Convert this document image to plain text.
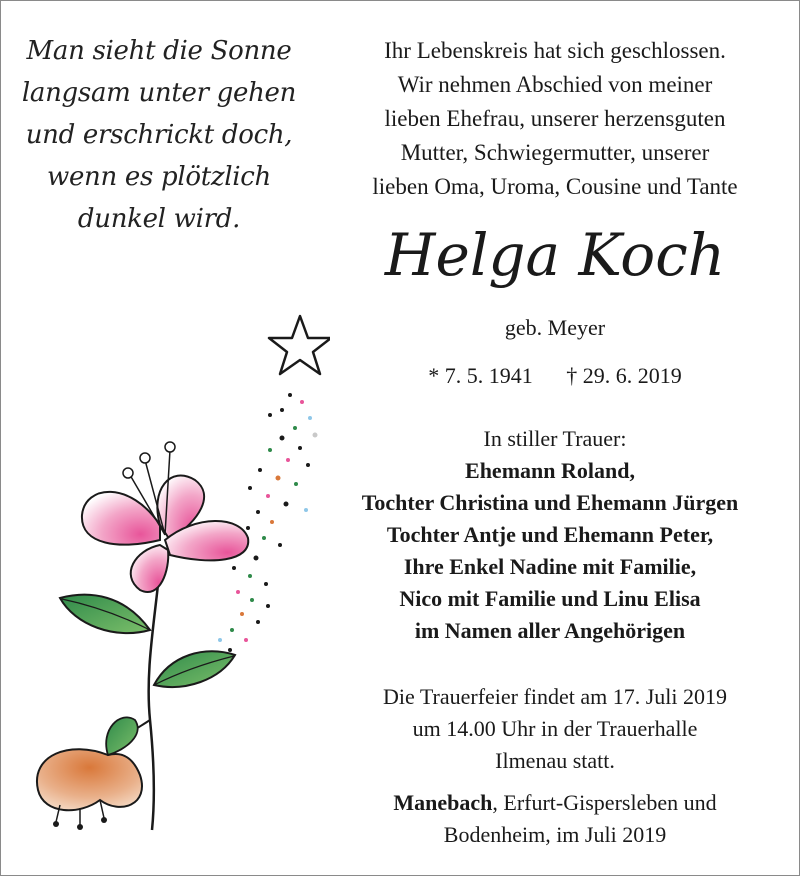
Man sieht die Sonne
langsam unter gehen
und erschrickt doch,
wenn es plötzlich
dunkel wird.
Ihr Lebenskreis hat sich geschlossen.
Wir nehmen Abschied von meiner
lieben Ehefrau, unserer herzensguten
Mutter, Schwiegermutter, unserer
lieben Oma, Uroma, Cousine und Tante
Helga Koch
geb. Meyer
* 7. 5. 1941 † 29. 6. 2019
In stiller Trauer:
Ehemann Roland,
Tochter Christina und Ehemann Jürgen
Tochter Antje und Ehemann Peter,
Ihre Enkel Nadine mit Familie,
Nico mit Familie und Linu Elisa
im Namen aller Angehörigen
Die Trauerfeier findet am 17. Juli 2019
um 14.00 Uhr in der Trauerhalle
Ilmenau statt.
Manebach, Erfurt-Gispersleben und
Bodenheim, im Juli 2019
